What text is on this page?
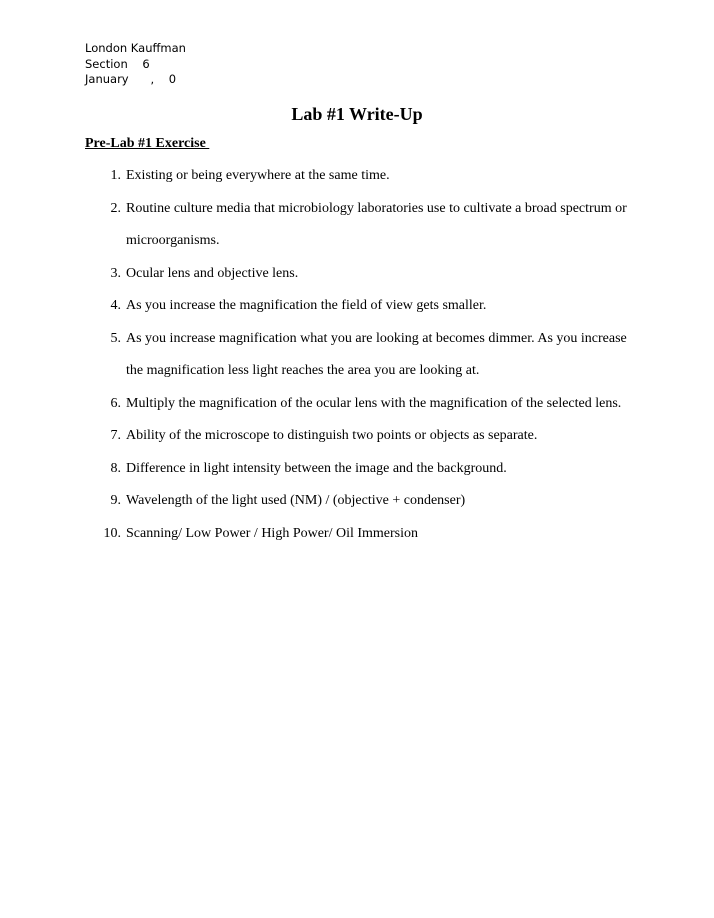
London Kauffman
Section    6
January      ,    0
Lab #1 Write-Up
Pre-Lab #1 Exercise
1. Existing or being everywhere at the same time.
2. Routine culture media that microbiology laboratories use to cultivate a broad spectrum or microorganisms.
3. Ocular lens and objective lens.
4. As you increase the magnification the field of view gets smaller.
5. As you increase magnification what you are looking at becomes dimmer. As you increase the magnification less light reaches the area you are looking at.
6. Multiply the magnification of the ocular lens with the magnification of the selected lens.
7. Ability of the microscope to distinguish two points or objects as separate.
8. Difference in light intensity between the image and the background.
9. Wavelength of the light used (NM) / (objective + condenser)
10. Scanning/ Low Power / High Power/ Oil Immersion
